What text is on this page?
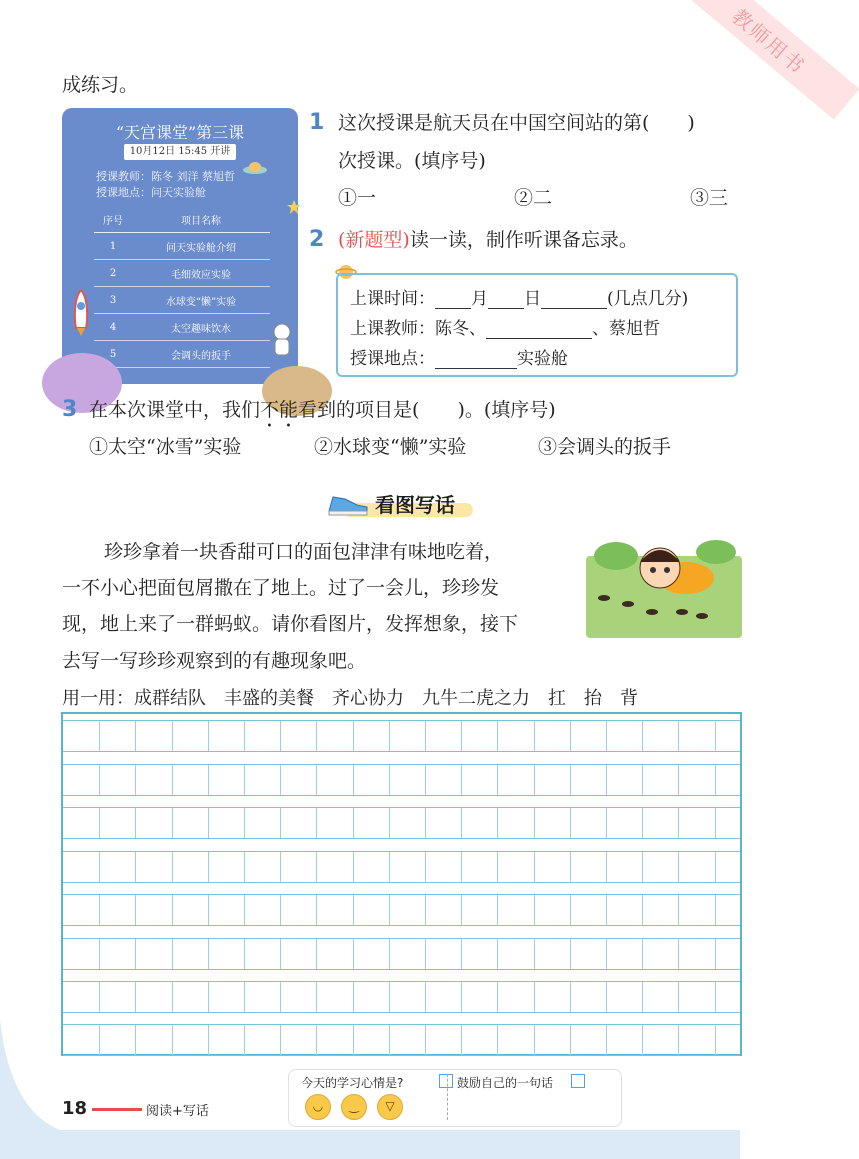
教师用书
成练习。
“天宫课堂”第三课
10月12日 15:45 开讲
授课教师：陈冬 刘洋 蔡旭哲
授课地点：问天实验舱
序号	项目名称
1	问天实验舱介绍
2	毛细效应实验
3	水球变“懒”实验
4	太空趣味饮水
5	会调头的扳手
1 这次授课是航天员在中国空间站的第(　　)
次授课。(填序号)
①一	②二	③三
2 (新题型)读一读，制作听课备忘录。
上课时间： 月 日	(几点几分)
上课教师：陈冬、	、蔡旭哲
授课地点：	实验舱
3 在本次课堂中，我们不能看到的项目是(　　)。(填序号)
①太空“冰雪”实验	②水球变“懒”实验	③会调头的扳手
看图写话
珍珍拿着一块香甜可口的面包津津有味地吃着，
一不小心把面包屑撒在了地上。过了一会儿，珍珍发
现，地上来了一群蚂蚁。请你看图片，发挥想象，接下
去写一写珍珍观察到的有趣现象吧。
用一用：成群结队　丰盛的美餐　齐心协力　九牛二虎之力　扛　抬　背
18	阅读+写话
今天的学习心情是?
◡	‿	▽
鼓励自己的一句话
